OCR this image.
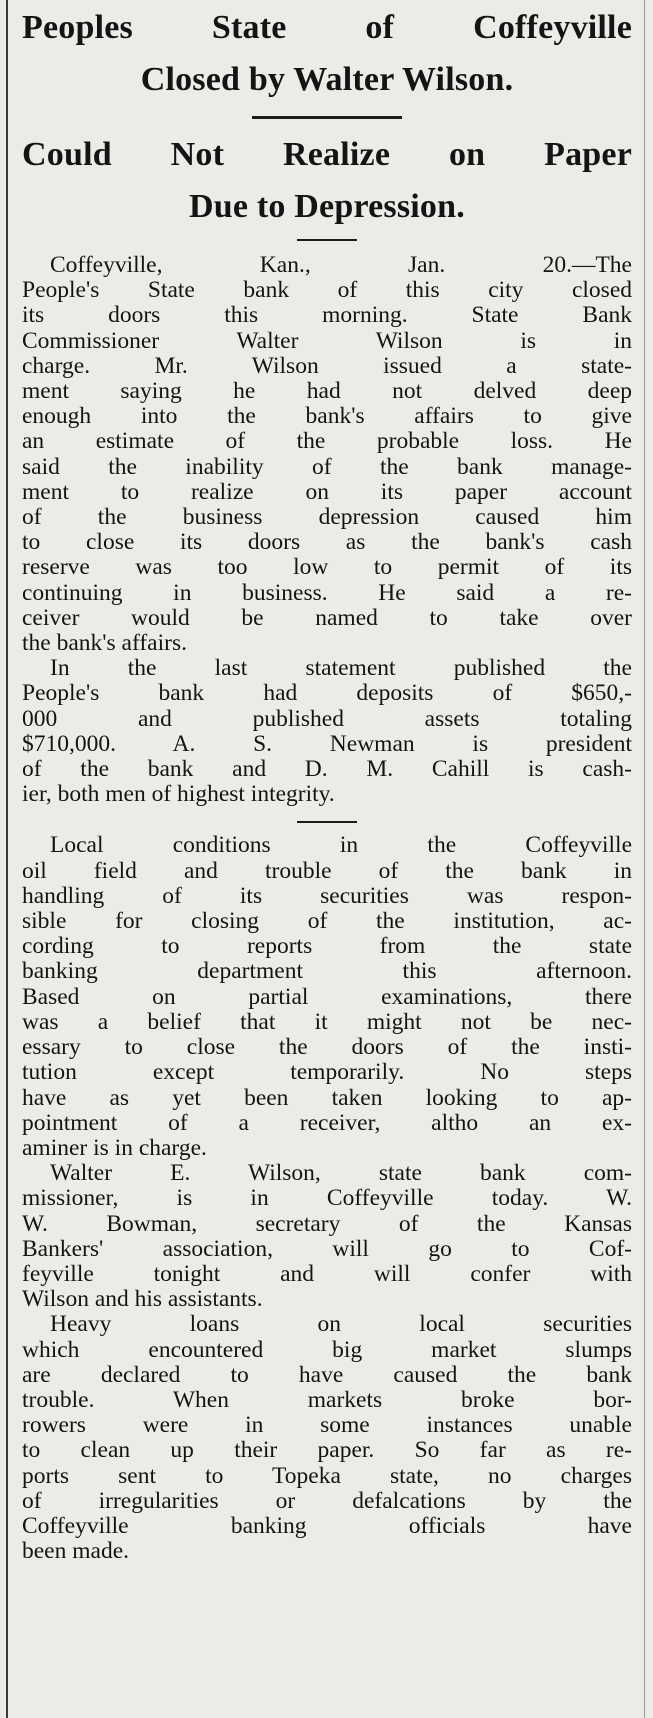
Peoples State of Coffeyville
Closed by Walter Wilson.
Could Not Realize on Paper
Due to Depression.
Coffeyville, Kan., Jan. 20.—The
People's State bank of this city closed
its doors this morning. State Bank
Commissioner Walter Wilson is in
charge. Mr. Wilson issued a state-
ment saying he had not delved deep
enough into the bank's affairs to give
an estimate of the probable loss. He
said the inability of the bank manage-
ment to realize on its paper account
of the business depression caused him
to close its doors as the bank's cash
reserve was too low to permit of its
continuing in business. He said a re-
ceiver would be named to take over
the bank's affairs.
In the last statement published the
People's bank had deposits of $650,-
000 and published assets totaling
$710,000. A. S. Newman is president
of the bank and D. M. Cahill is cash-
ier, both men of highest integrity.
Local conditions in the Coffeyville
oil field and trouble of the bank in
handling of its securities was respon-
sible for closing of the institution, ac-
cording to reports from the state
banking department this afternoon.
Based on partial examinations, there
was a belief that it might not be nec-
essary to close the doors of the insti-
tution except temporarily. No steps
have as yet been taken looking to ap-
pointment of a receiver, altho an ex-
aminer is in charge.
Walter E. Wilson, state bank com-
missioner, is in Coffeyville today. W.
W. Bowman, secretary of the Kansas
Bankers' association, will go to Cof-
feyville tonight and will confer with
Wilson and his assistants.
Heavy loans on local securities
which encountered big market slumps
are declared to have caused the bank
trouble. When markets broke bor-
rowers were in some instances unable
to clean up their paper. So far as re-
ports sent to Topeka state, no charges
of irregularities or defalcations by the
Coffeyville banking officials have
been made.
